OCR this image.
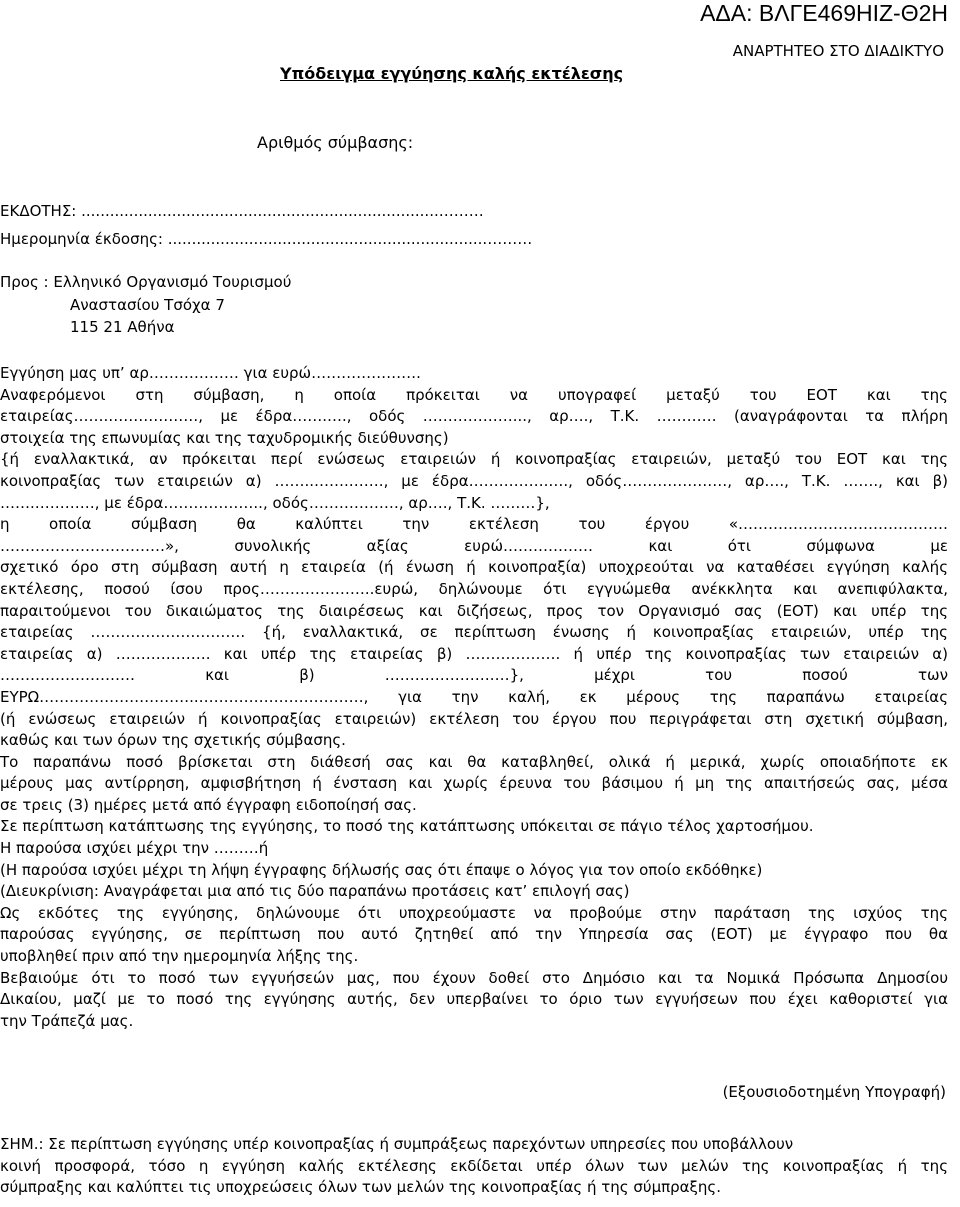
ΑΔΑ: ΒΛΓΕ469ΗΙΖ-Θ2Η
ΑΝΑΡΤΗΤΕΟ ΣΤΟ ΔΙΑΔΙΚΤΥΟ
Υπόδειγμα εγγύησης καλής εκτέλεσης
Αριθμός σύμβασης:
ΕΚΔΟΤΗΣ: ...........................................................................………
Ημερομηνία έκδοσης: ...................................................................………
Προς : Ελληνικό Οργανισμό Τουρισμού
Αναστασίου Τσόχα 7
115 21 Αθήνα
Εγγύηση μας υπ’ αρ……………… για ευρώ………………….
Αναφερόμενοι στη σύμβαση, η οποία πρόκειται να υπογραφεί μεταξύ του ΕΟΤ και της
εταιρείας…….………………, με έδρα…….…., οδός ………………..., αρ…., Τ.Κ. ………… (αναγράφονται τα πλήρη
στοιχεία της επωνυμίας και της ταχυδρομικής διεύθυνσης)
{ή εναλλακτικά, αν πρόκειται περί ενώσεως εταιρειών ή κοινοπραξίας εταιρειών, μεταξύ του ΕΟΤ και της
κοινοπραξίας των εταιρειών α) ……..…….……., με έδρα…………….…., οδός…………………, αρ…., Τ.Κ. ……., και β)
…….…………, με έδρα……………….., οδός………………, αρ…., Τ.Κ. ………},
η οποία σύμβαση θα καλύπτει την εκτέλεση του έργου «……………………………………
……………………………», συνολικής αξίας ευρώ……………… και ότι σύμφωνα με
σχετικό όρο στη σύμβαση αυτή η εταιρεία (ή ένωση ή κοινοπραξία) υποχρεούται να καταθέσει εγγύηση καλής
εκτέλεσης, ποσού ίσου προς…………………..ευρώ, δηλώνουμε ότι εγγυώμεθα ανέκκλητα και ανεπιφύλακτα,
παραιτούμενοι του δικαιώματος της διαιρέσεως και διζήσεως, προς τον Οργανισμό σας (ΕΟΤ) και υπέρ της
εταιρείας …………………………. {ή, εναλλακτικά, σε περίπτωση ένωσης ή κοινοπραξίας εταιρειών, υπέρ της
εταιρείας α) ………………. και υπέρ της εταιρείας β) ………………. ή υπέρ της κοινοπραξίας των εταιρειών α)
……………………… και β) ………………….…}, μέχρι του ποσού των
ΕΥΡΩ…………………………..……………………………, για την καλή, εκ μέρους της παραπάνω εταιρείας
(ή ενώσεως εταιρειών ή κοινοπραξίας εταιρειών) εκτέλεση του έργου που περιγράφεται στη σχετική σύμβαση,
καθώς και των όρων της σχετικής σύμβασης.
Το παραπάνω ποσό βρίσκεται στη διάθεσή σας και θα καταβληθεί, ολικά ή μερικά, χωρίς οποιαδήποτε εκ
μέρους μας αντίρρηση, αμφισβήτηση ή ένσταση και χωρίς έρευνα του βάσιμου ή μη της απαιτήσεώς σας, μέσα
σε τρεις (3) ημέρες μετά από έγγραφη ειδοποίησή σας.
Σε περίπτωση κατάπτωσης της εγγύησης, το ποσό της κατάπτωσης υπόκειται σε πάγιο τέλος χαρτοσήμου.
Η παρούσα ισχύει μέχρι την ………ή
(Η παρούσα ισχύει μέχρι τη λήψη έγγραφης δήλωσής σας ότι έπαψε ο λόγος για τον οποίο εκδόθηκε)
(Διευκρίνιση: Αναγράφεται μια από τις δύο παραπάνω προτάσεις κατ’ επιλογή σας)
Ως εκδότες της εγγύησης, δηλώνουμε ότι υποχρεούμαστε να προβούμε στην παράταση της ισχύος της
παρούσας εγγύησης, σε περίπτωση που αυτό ζητηθεί από την Υπηρεσία σας (ΕΟΤ) με έγγραφο που θα
υποβληθεί πριν από την ημερομηνία λήξης της.
Βεβαιούμε ότι το ποσό των εγγυήσεών μας, που έχουν δοθεί στο Δημόσιο και τα Νομικά Πρόσωπα Δημοσίου
Δικαίου, μαζί με το ποσό της εγγύησης αυτής, δεν υπερβαίνει το όριο των εγγυήσεων που έχει καθοριστεί για
την Τράπεζά μας.
(Εξουσιοδοτημένη Υπογραφή)
ΣΗΜ.: Σε περίπτωση εγγύησης υπέρ κοινοπραξίας ή συμπράξεως παρεχόντων υπηρεσίες που υποβάλλουν
κοινή προσφορά, τόσο η εγγύηση καλής εκτέλεσης εκδίδεται υπέρ όλων των μελών της κοινοπραξίας ή της
σύμπραξης και καλύπτει τις υποχρεώσεις όλων των μελών της κοινοπραξίας ή της σύμπραξης.
